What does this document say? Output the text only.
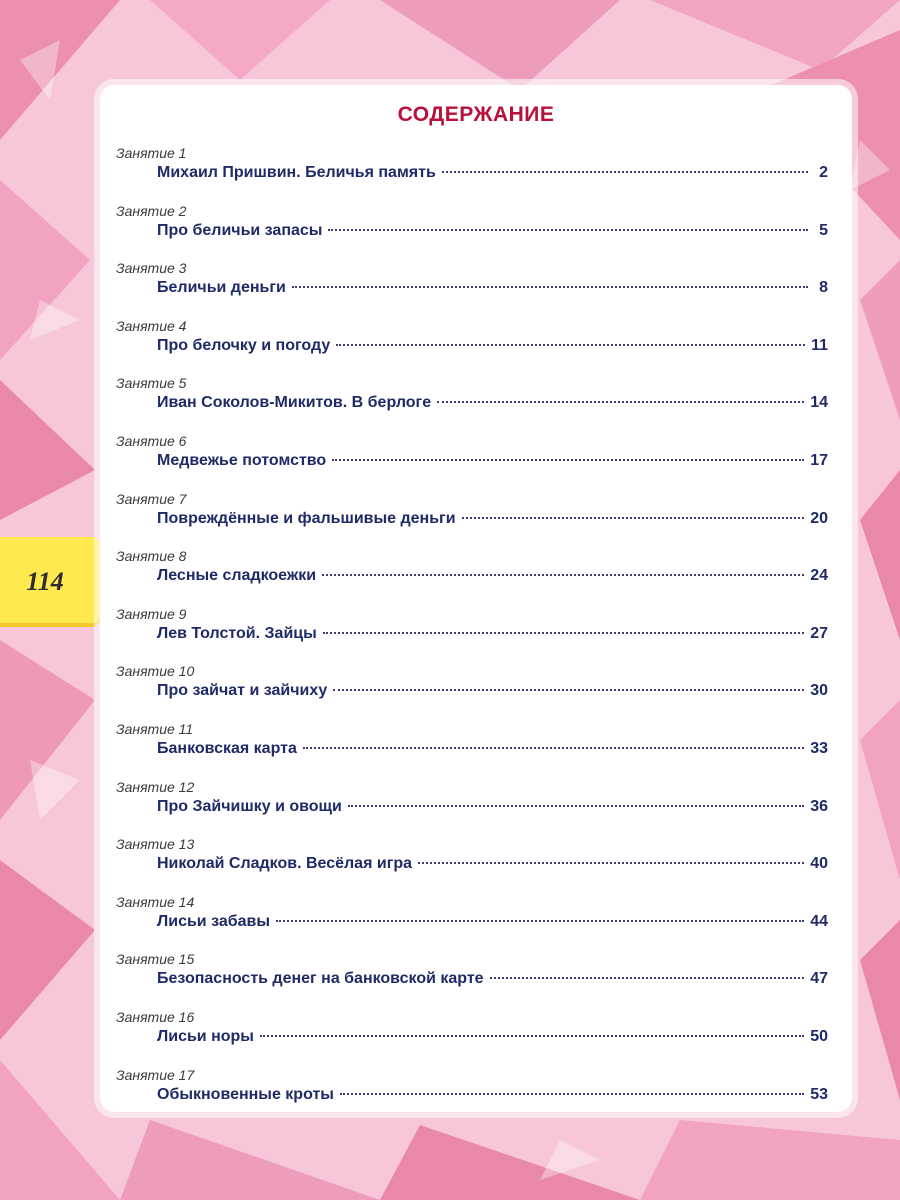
114
СОДЕРЖАНИЕ
Занятие 1
Михаил Пришвин. Беличья память	2
Занятие 2
Про беличьи запасы	5
Занятие 3
Беличьи деньги	8
Занятие 4
Про белочку и погоду	11
Занятие 5
Иван Соколов-Микитов. В берлоге	14
Занятие 6
Медвежье потомство	17
Занятие 7
Повреждённые и фальшивые деньги	20
Занятие 8
Лесные сладкоежки	24
Занятие 9
Лев Толстой. Зайцы	27
Занятие 10
Про зайчат и зайчиху	30
Занятие 11
Банковская карта	33
Занятие 12
Про Зайчишку и овощи	36
Занятие 13
Николай Сладков. Весёлая игра	40
Занятие 14
Лисьи забавы	44
Занятие 15
Безопасность денег на банковской карте	47
Занятие 16
Лисьи норы	50
Занятие 17
Обыкновенные кроты	53
